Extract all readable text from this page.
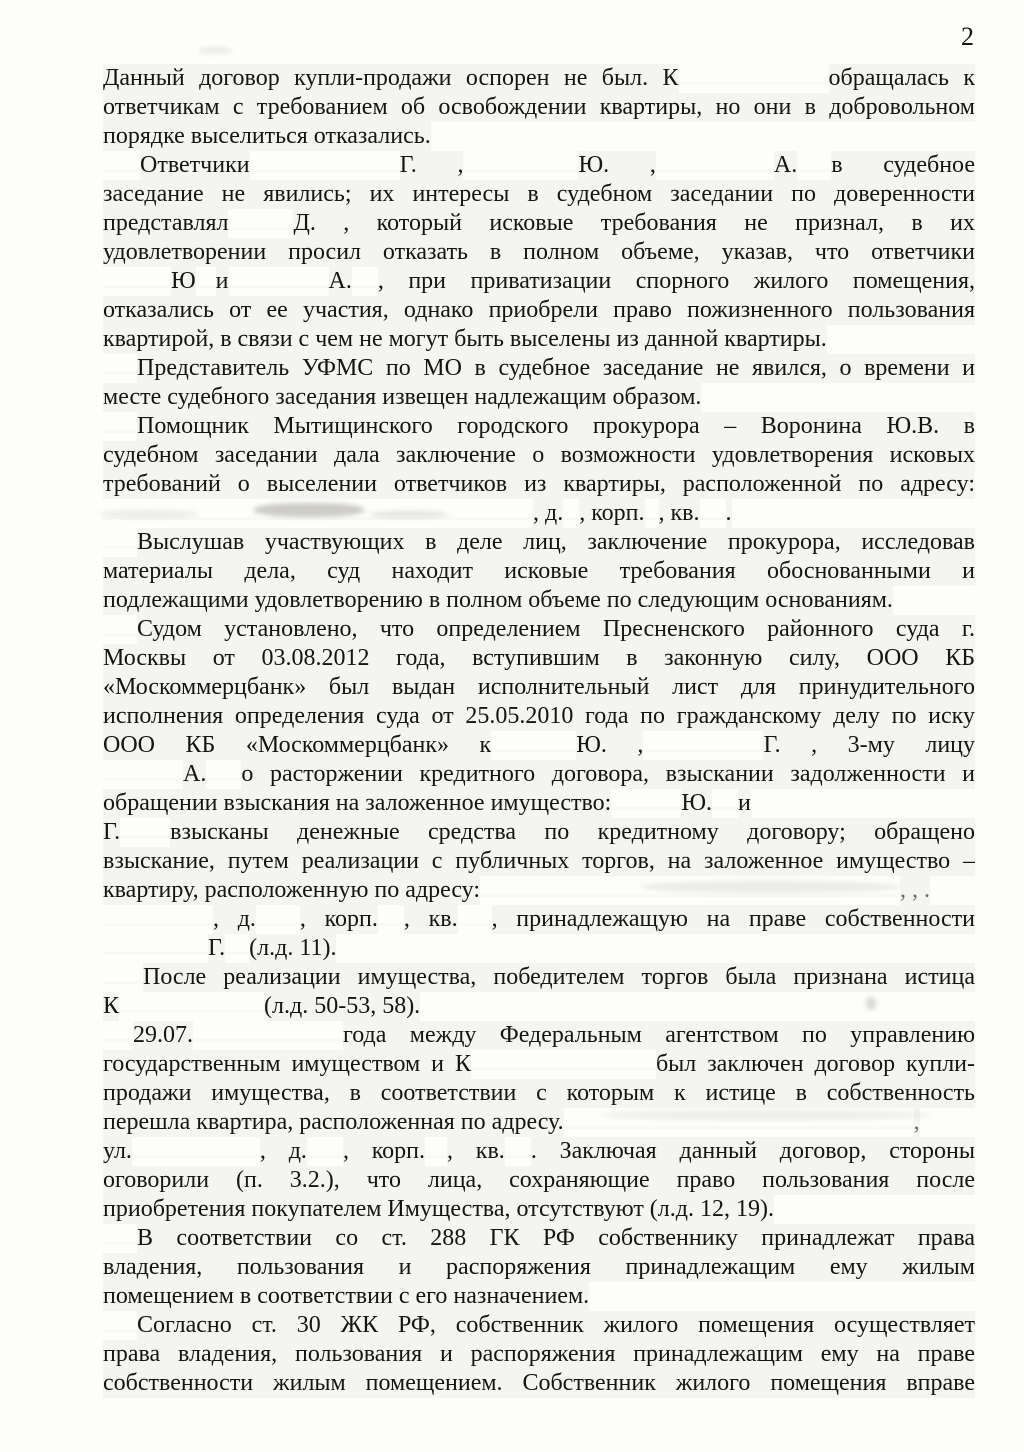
2
Данный договор купли-продажи оспорен не был. К	обращалась к
ответчикам с требованием об освобождении квартиры, но они в добровольном
порядке выселиться отказались.
Ответчики	Г. ,	Ю. ,	А. в судебное
заседание не явились; их интересы в судебном заседании по доверенности
представлял	Д. , который исковые требования не признал, в их
удовлетворении просил отказать в полном объеме, указав, что ответчики
Ю и	А. , при приватизации спорного жилого помещения,
отказались от ее участия, однако приобрели право пожизненного пользования
квартирой, в связи с чем не могут быть выселены из данной квартиры.
Представитель УФМС по МО в судебное заседание не явился, о времени и
месте судебного заседания извещен надлежащим образом.
Помощник Мытищинского городского прокурора – Воронина Ю.В. в
судебном заседании дала заключение о возможности удовлетворения исковых
требований о выселении ответчиков из квартиры, расположенной по адресу:
, д. , корп. , кв. .
Выслушав участвующих в деле лиц, заключение прокурора, исследовав
материалы дела, суд находит исковые требования обоснованными и
подлежащими удовлетворению в полном объеме по следующим основаниям.
Судом установлено, что определением Пресненского районного суда г.
Москвы от 03.08.2012 года, вступившим в законную силу, ООО КБ
«Москоммерцбанк» был выдан исполнительный лист для принудительного
исполнения определения суда от 25.05.2010 года по гражданскому делу по иску
ООО КБ «Москоммерцбанк» к	Ю. ,	Г. , 3-му лицу
А. о расторжении кредитного договора, взыскании задолженности и
обращении взыскания на заложенное имущество:	Ю. и
Г. взысканы денежные средства по кредитному договору; обращено
взыскание, путем реализации с публичных торгов, на заложенное имущество –
квартиру, расположенную по адресу:	, , .
, д. , корп. , кв. , принадлежащую на праве собственности
Г. (л.д. 11).
После реализации имущества, победителем торгов была признана истица
К	(л.д. 50-53, 58).
29.07.	года между Федеральным агентством по управлению
государственным имуществом и К	был заключен договор купли-
продажи имущества, в соответствии с которым к истице в собственность
перешла квартира, расположенная по адресу.	,
ул.	, д. , корп. , кв. . Заключая данный договор, стороны
оговорили (п. 3.2.), что лица, сохраняющие право пользования после
приобретения покупателем Имущества, отсутствуют (л.д. 12, 19).
В соответствии со ст. 288 ГК РФ собственнику принадлежат права
владения, пользования и распоряжения принадлежащим ему жилым
помещением в соответствии с его назначением.
Согласно ст. 30 ЖК РФ, собственник жилого помещения осуществляет
права владения, пользования и распоряжения принадлежащим ему на праве
собственности жилым помещением. Собственник жилого помещения вправе
